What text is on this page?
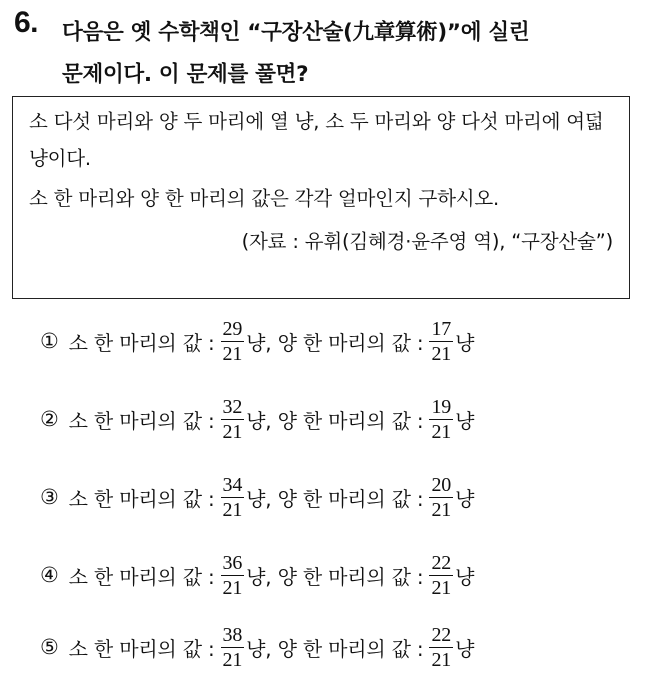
6. 다음은 옛 수학책인 “구장산술(九章算術)”에 실린
문제이다. 이 문제를 풀면?
소 다섯 마리와 양 두 마리에 열 냥, 소 두 마리와 양 다섯 마리에 여덟 냥이다.
소 한 마리와 양 한 마리의 값은 각각 얼마인지 구하시오.
(자료 : 유휘(김혜경·윤주영 역), “구장산술”)
① 소 한 마리의 값 : $\frac{29}{21}$ 냥, 양 한 마리의 값 : $\frac{17}{21}$ 냥
② 소 한 마리의 값 : $\frac{32}{21}$ 냥, 양 한 마리의 값 : $\frac{19}{21}$ 냥
③ 소 한 마리의 값 : $\frac{34}{21}$ 냥, 양 한 마리의 값 : $\frac{20}{21}$ 냥
④ 소 한 마리의 값 : $\frac{36}{21}$ 냥, 양 한 마리의 값 : $\frac{22}{21}$ 냥
⑤ 소 한 마리의 값 : $\frac{38}{21}$ 냥, 양 한 마리의 값 : $\frac{22}{21}$ 냥
